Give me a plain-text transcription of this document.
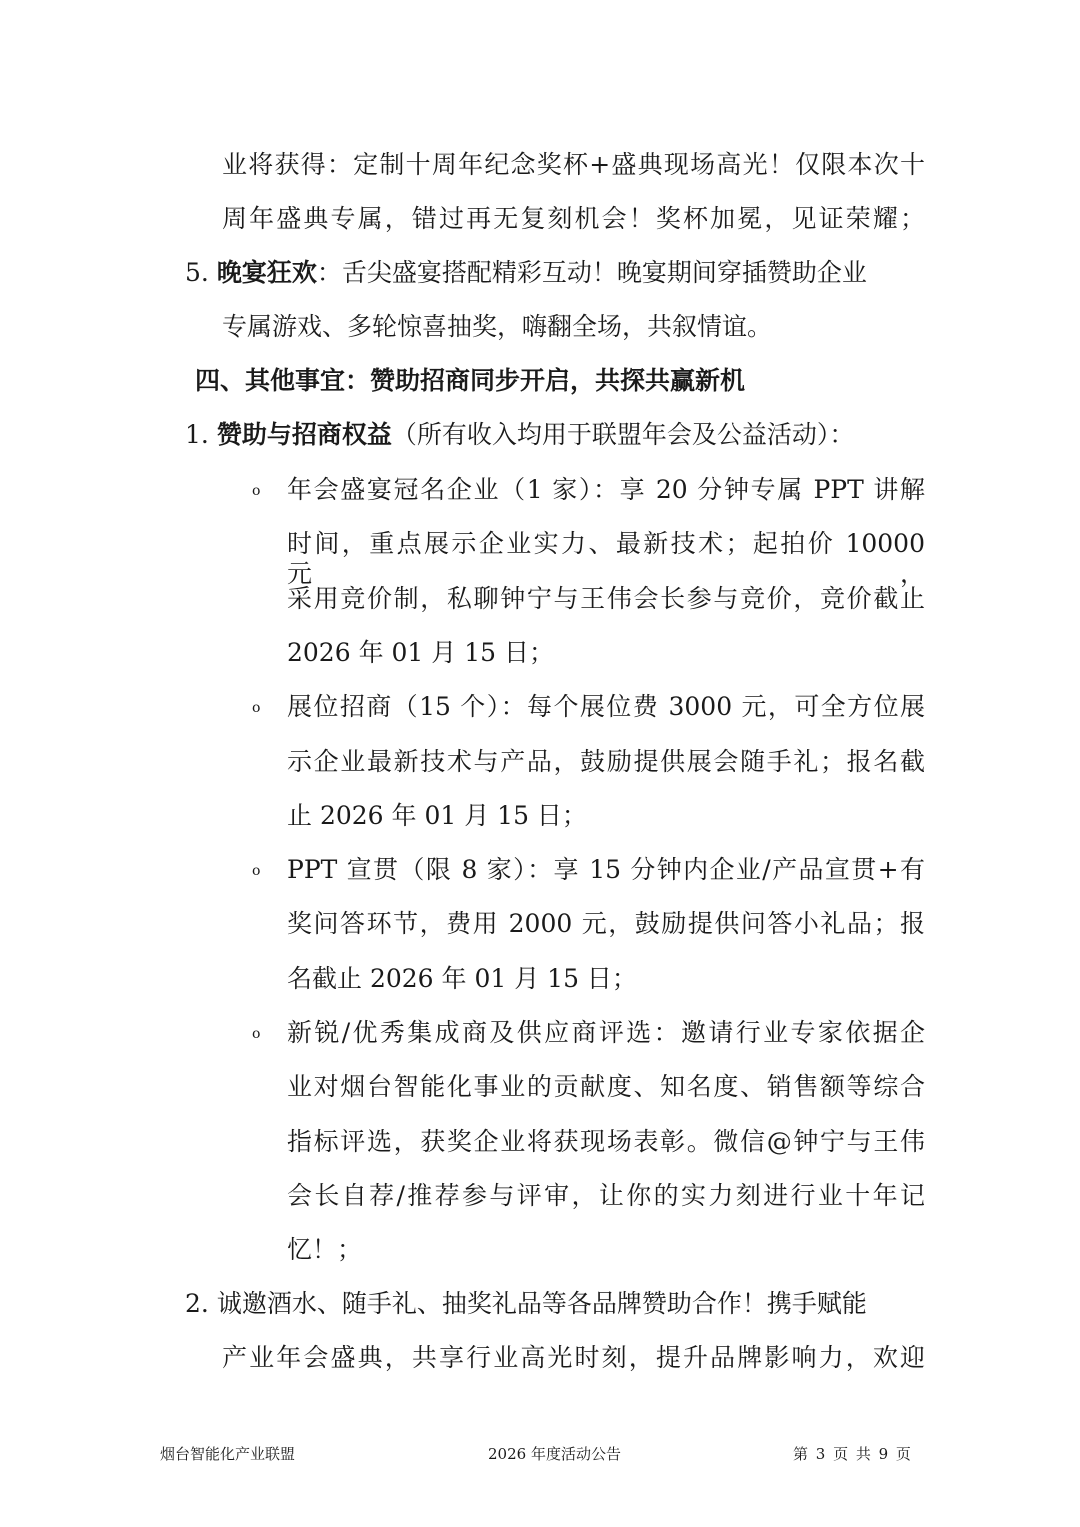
业将获得：定制十周年纪念奖杯+盛典现场高光！仅限本次十
周年盛典专属，错过再无复刻机会！奖杯加冕，见证荣耀；
5. 晚宴狂欢：舌尖盛宴搭配精彩互动！晚宴期间穿插赞助企业
专属游戏、多轮惊喜抽奖，嗨翻全场，共叙情谊。
四、其他事宜：赞助招商同步开启，共探共赢新机
1. 赞助与招商权益（所有收入均用于联盟年会及公益活动）：
o 年会盛宴冠名企业（1 家）：享 20 分钟专属 PPT 讲解
时间，重点展示企业实力、最新技术；起拍价 10000 元，
采用竞价制，私聊钟宁与王伟会长参与竞价，竞价截止
2026 年 01 月 15 日；
o 展位招商（15 个）：每个展位费 3000 元，可全方位展
示企业最新技术与产品，鼓励提供展会随手礼；报名截
止 2026 年 01 月 15 日；
o PPT 宣贯（限 8 家）：享 15 分钟内企业/产品宣贯+有
奖问答环节，费用 2000 元，鼓励提供问答小礼品；报
名截止 2026 年 01 月 15 日；
o 新锐/优秀集成商及供应商评选：邀请行业专家依据企
业对烟台智能化事业的贡献度、知名度、销售额等综合
指标评选，获奖企业将获现场表彰。微信@钟宁与王伟
会长自荐/推荐参与评审，让你的实力刻进行业十年记
忆！；
2. 诚邀酒水、随手礼、抽奖礼品等各品牌赞助合作！携手赋能
产业年会盛典，共享行业高光时刻，提升品牌影响力，欢迎
烟台智能化产业联盟	2026 年度活动公告	第 3 页 共 9 页
